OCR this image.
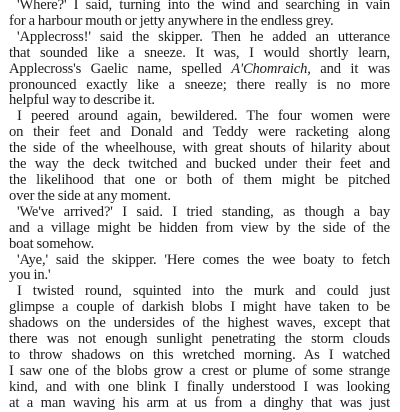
'Where?' I said, turning into the wind and searching in vain
for a harbour mouth or jetty anywhere in the endless grey.
'Applecross!' said the skipper. Then he added an utterance
that sounded like a sneeze. It was, I would shortly learn,
Applecross's Gaelic name, spelled A'Chomraich, and it was
pronounced exactly like a sneeze; there really is no more
helpful way to describe it.
I peered around again, bewildered. The four women were
on their feet and Donald and Teddy were racketing along
the side of the wheelhouse, with great shouts of hilarity about
the way the deck twitched and bucked under their feet and
the likelihood that one or both of them might be pitched
over the side at any moment.
'We've arrived?' I said. I tried standing, as though a bay
and a village might be hidden from view by the side of the
boat somehow.
'Aye,' said the skipper. 'Here comes the wee boaty to fetch
you in.'
I twisted round, squinted into the murk and could just
glimpse a couple of darkish blobs I might have taken to be
shadows on the undersides of the highest waves, except that
there was not enough sunlight penetrating the storm clouds
to throw shadows on this wretched morning. As I watched
I saw one of the blobs grow a crest or plume of some strange
kind, and with one blink I finally understood I was looking
at a man waving his arm at us from a dinghy that was just
